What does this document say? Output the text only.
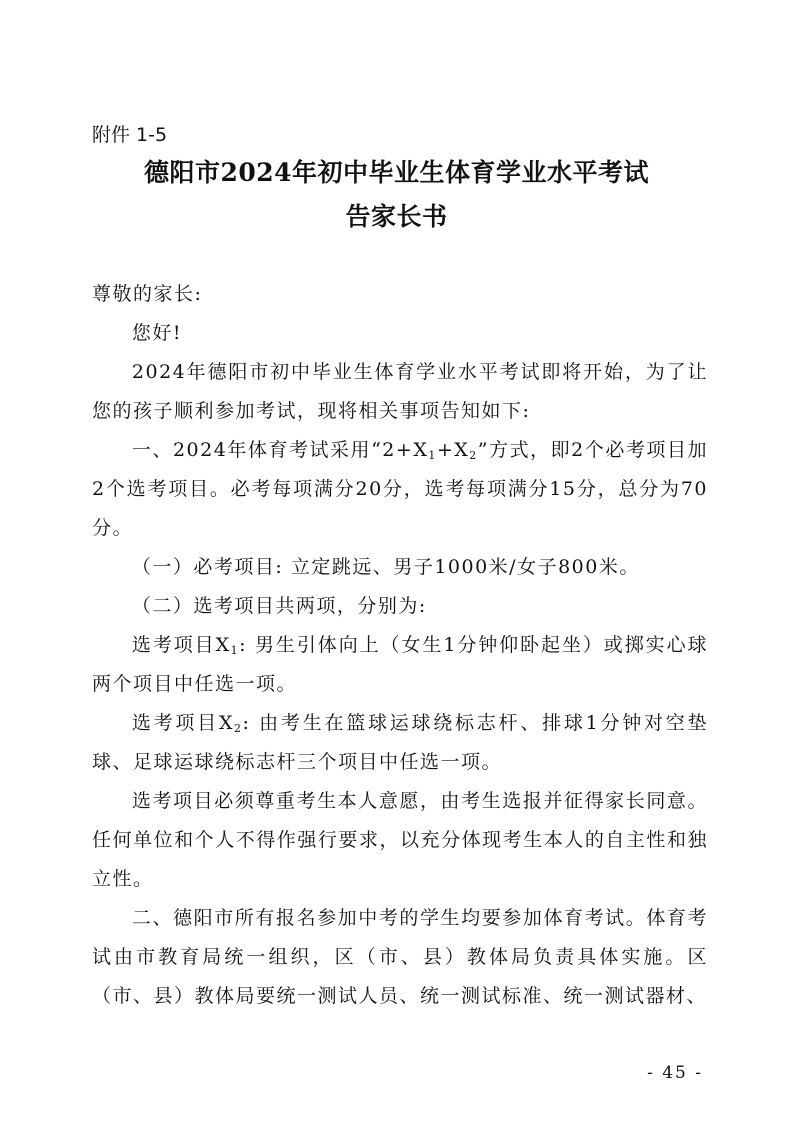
附件 1-5
德阳市2024年初中毕业生体育学业水平考试
告家长书

尊敬的家长:

您好!

2024年德阳市初中毕业生体育学业水平考试即将开始，为了让您的孩子顺利参加考试，现将相关事项告知如下:

一、2024年体育考试采用“$2+X_1+X_2$”方式，即2个必考项目加2个选考项目。必考每项满分20分，选考每项满分15分，总分为70分。

（一）必考项目: 立定跳远、男子1000米/女子800米。

（二）选考项目共两项，分别为:

选考项目$X_1$: 男生引体向上（女生1分钟仰卧起坐）或掷实心球两个项目中任选一项。

选考项目$X_2$: 由考生在篮球运球绕标志杆、排球1分钟对空垫球、足球运球绕标志杆三个项目中任选一项。

选考项目必须尊重考生本人意愿，由考生选报并征得家长同意。任何单位和个人不得作强行要求，以充分体现考生本人的自主性和独立性。

二、德阳市所有报名参加中考的学生均要参加体育考试。体育考试由市教育局统一组织，区（市、县）教体局负责具体实施。区（市、县）教体局要统一测试人员、统一测试标准、统一测试器材、

- 45 -
